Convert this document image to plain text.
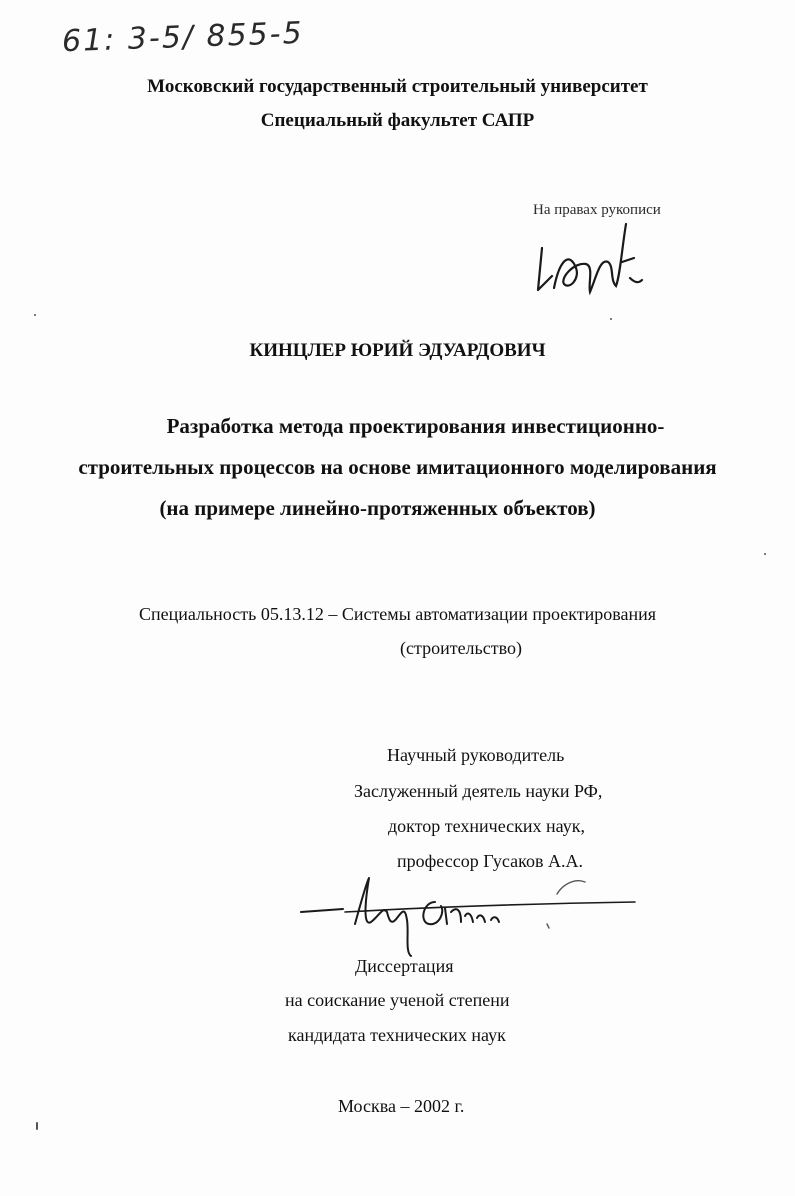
61: 3-5/ 855-5
Московский государственный строительный университет
Специальный факультет САПР
На правах рукописи
КИНЦЛЕР ЮРИЙ ЭДУАРДОВИЧ
Разработка метода проектирования инвестиционно-
строительных процессов на основе имитационного моделирования
(на примере линейно-протяженных объектов)
Специальность 05.13.12 – Системы автоматизации проектирования
(строительство)
Научный руководитель
Заслуженный деятель науки РФ,
доктор технических наук,
профессор Гусаков А.А.
Диссертация
на соискание ученой степени
кандидата технических наук
Москва – 2002 г.
